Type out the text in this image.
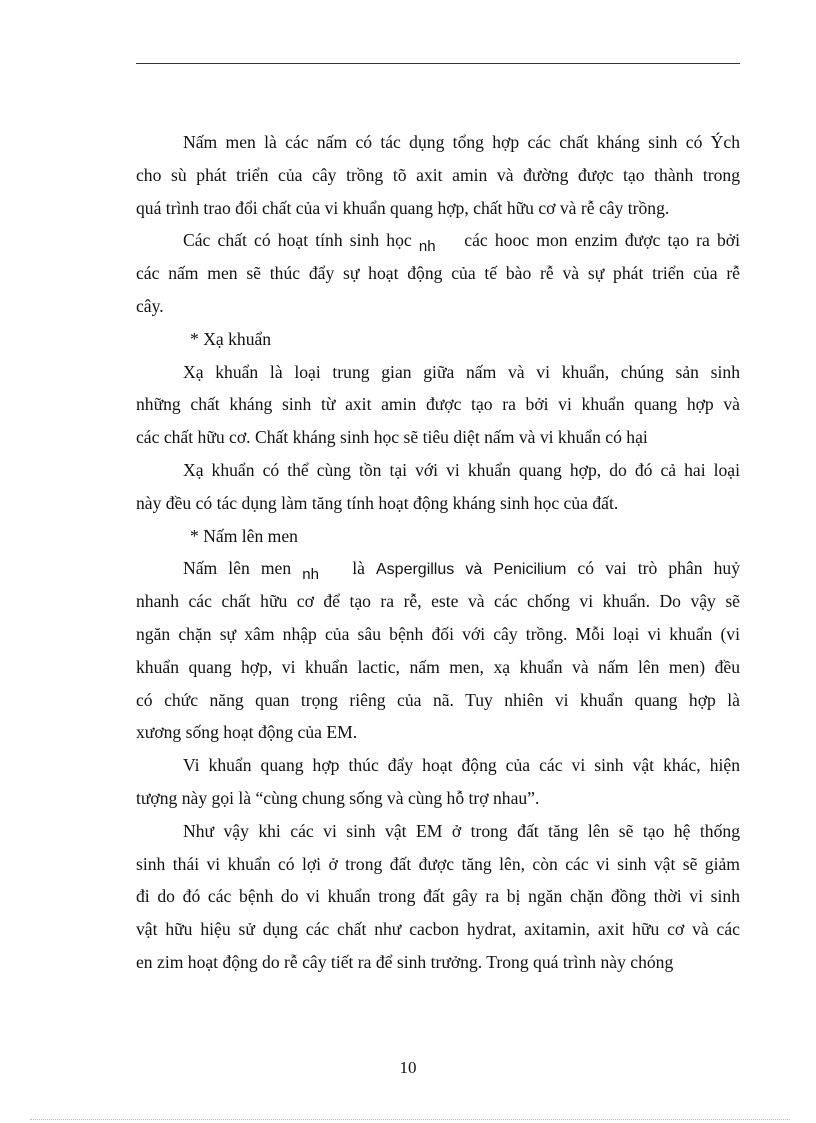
Nấm men là các nấm có tác dụng tổng hợp các chất kháng sinh có Ých
cho sù phát triển của cây trồng tõ axit amin và đường được tạo thành trong
quá trình trao đổi chất của vi khuẩn quang hợp, chất hữu cơ và rễ cây trồng.
Các chất có hoạt tính sinh học nh các hooc mon enzim được tạo ra bởi
các nấm men sẽ thúc đẩy sự hoạt động của tế bào rễ và sự phát triển của rễ
cây.
* Xạ khuẩn
Xạ khuẩn là loại trung gian giữa nấm và vi khuẩn, chúng sản sinh
những chất kháng sinh từ axit amin được tạo ra bởi vi khuẩn quang hợp và
các chất hữu cơ. Chất kháng sinh học sẽ tiêu diệt nấm và vi khuẩn có hại
Xạ khuẩn có thể cùng tồn tại với vi khuẩn quang hợp, do đó cả hai loại
này đều có tác dụng làm tăng tính hoạt động kháng sinh học của đất.
* Nấm lên men
Nấm lên men nh là Aspergillus và Penicilium có vai trò phân huỷ
nhanh các chất hữu cơ để tạo ra rễ, este và các chống vi khuẩn. Do vậy sẽ
ngăn chặn sự xâm nhập của sâu bệnh đối với cây trồng. Mỗi loại vi khuẩn (vi
khuẩn quang hợp, vi khuẩn lactic, nấm men, xạ khuẩn và nấm lên men) đều
có chức năng quan trọng riêng của nã. Tuy nhiên vi khuẩn quang hợp là
xương sống hoạt động của EM.
Vi khuẩn quang hợp thúc đẩy hoạt động của các vi sinh vật khác, hiện
tượng này gọi là “cùng chung sống và cùng hỗ trợ nhau”.
Như vậy khi các vi sinh vật EM ở trong đất tăng lên sẽ tạo hệ thống
sinh thái vi khuẩn có lợi ở trong đất được tăng lên, còn các vi sinh vật sẽ giảm
đi do đó các bệnh do vi khuẩn trong đất gây ra bị ngăn chặn đồng thời vi sinh
vật hữu hiệu sử dụng các chất như cacbon hydrat, axitamin, axit hữu cơ và các
en zim hoạt động do rễ cây tiết ra để sinh trưởng. Trong quá trình này chóng
10
